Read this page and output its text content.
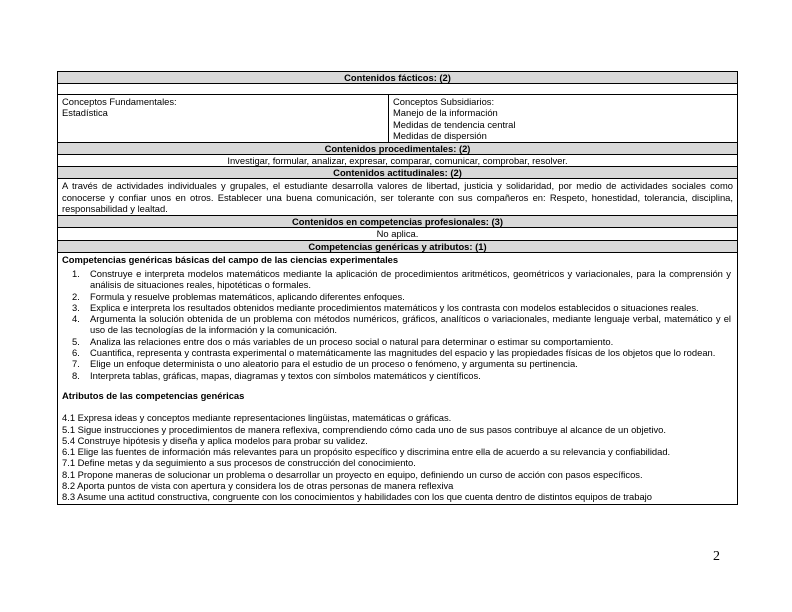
Contenidos fácticos: (2)
Conceptos Fundamentales:
Estadística
Conceptos Subsidiarios:
Manejo de la información
Medidas de tendencia central
Medidas de dispersión
Contenidos procedimentales: (2)
Investigar, formular, analizar, expresar, comparar, comunicar, comprobar, resolver.
Contenidos actitudinales: (2)
A través de actividades individuales y grupales, el estudiante desarrolla valores de libertad, justicia y solidaridad, por medio de actividades sociales como conocerse y confiar unos en otros. Establecer una buena comunicación, ser tolerante con sus compañeros en: Respeto, honestidad, tolerancia, disciplina, responsabilidad y lealtad.
Contenidos en competencias profesionales: (3)
No aplica.
Competencias genéricas y atributos: (1)
Competencias genéricas básicas del campo de las ciencias experimentales
1. Construye e interpreta modelos matemáticos mediante la aplicación de procedimientos aritméticos, geométricos y variacionales, para la comprensión y análisis de situaciones reales, hipotéticas o formales.
2. Formula y resuelve problemas matemáticos, aplicando diferentes enfoques.
3. Explica e interpreta los resultados obtenidos mediante procedimientos matemáticos y los contrasta con modelos establecidos o situaciones reales.
4. Argumenta la solución obtenida de un problema con métodos numéricos, gráficos, analíticos o variacionales, mediante lenguaje verbal, matemático y el uso de las tecnologías de la información y la comunicación.
5. Analiza las relaciones entre dos o más variables de un proceso social o natural para determinar o estimar su comportamiento.
6. Cuantifica, representa y contrasta experimental o matemáticamente las magnitudes del espacio y las propiedades físicas de los objetos que lo rodean.
7. Elige un enfoque determinista o uno aleatorio para el estudio de un proceso o fenómeno, y argumenta su pertinencia.
8. Interpreta tablas, gráficas, mapas, diagramas y textos con símbolos matemáticos y científicos.
Atributos de las competencias genéricas
4.1 Expresa ideas y conceptos mediante representaciones lingüistas, matemáticas o gráficas.
5.1 Sigue instrucciones y procedimientos de manera reflexiva, comprendiendo cómo cada uno de sus pasos contribuye al alcance de un objetivo.
5.4 Construye hipótesis y diseña y aplica modelos para probar su validez.
6.1 Elige las fuentes de información más relevantes para un propósito específico y discrimina entre ella de acuerdo a su relevancia y confiabilidad.
7.1 Define metas y da seguimiento a sus procesos de construcción del conocimiento.
8.1 Propone maneras de solucionar un problema o desarrollar un proyecto en equipo, definiendo un curso de acción con pasos específicos.
8.2 Aporta puntos de vista con apertura y considera los de otras personas de manera reflexiva
8.3 Asume una actitud constructiva, congruente con los conocimientos y habilidades con los que cuenta dentro de distintos equipos de trabajo
2
